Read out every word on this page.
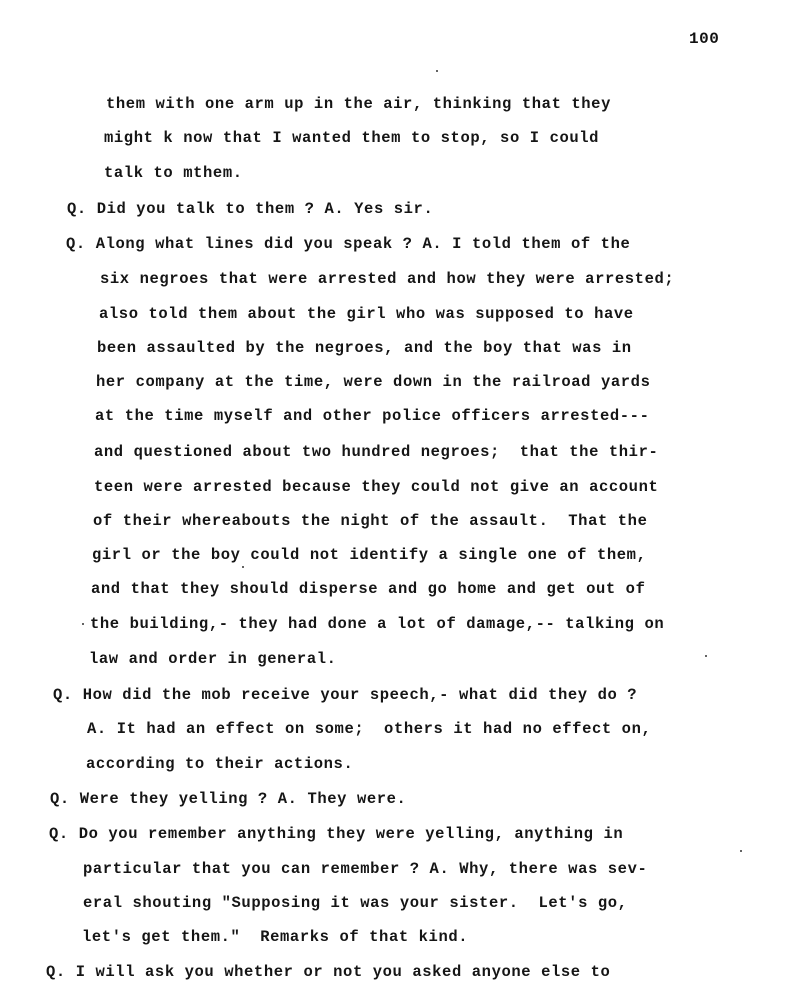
100
them with one arm up in the air, thinking that they
might k now that I wanted them to stop, so I could
talk to mthem.
Q. Did you talk to them ? A. Yes sir.
Q. Along what lines did you speak ? A. I told them of the
six negroes that were arrested and how they were arrested;
also told them about the girl who was supposed to have
been assaulted by the negroes, and the boy that was in
her company at the time, were down in the railroad yards
at the time myself and other police officers arrested---
and questioned about two hundred negroes;  that the thir-
teen were arrested because they could not give an account
of their whereabouts the night of the assault.  That the
girl or the boy could not identify a single one of them,
and that they should disperse and go home and get out of
the building,- they had done a lot of damage,-- talking on
law and order in general.
Q. How did the mob receive your speech,- what did they do ?
A. It had an effect on some;  others it had no effect on,
according to their actions.
Q. Were they yelling ? A. They were.
Q. Do you remember anything they were yelling, anything in
particular that you can remember ? A. Why, there was sev-
eral shouting "Supposing it was your sister.  Let's go,
let's get them."  Remarks of that kind.
Q. I will ask you whether or not you asked anyone else to
